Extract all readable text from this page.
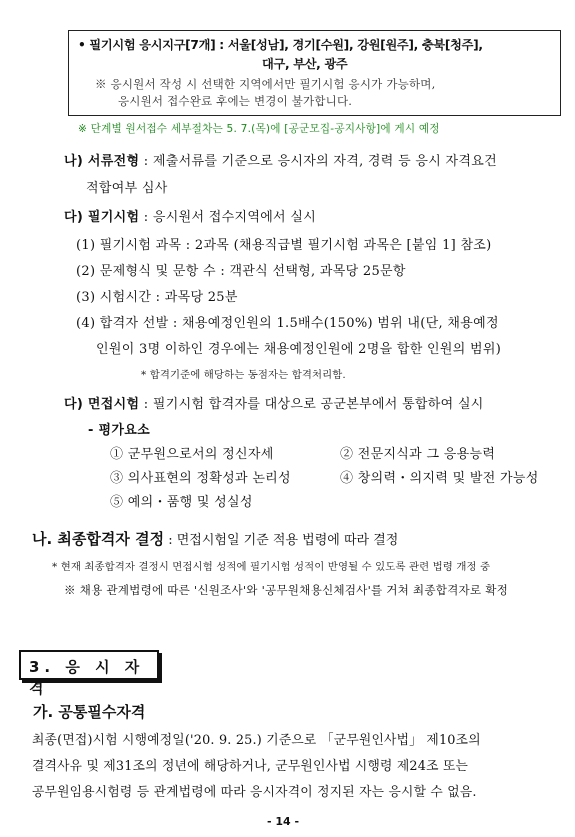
• 필기시험 응시지구[7개] : 서울[성남], 경기[수원], 강원[원주], 충북[청주],
대구, 부산, 광주
※ 응시원서 작성 시 선택한 지역에서만 필기시험 응시가 가능하며,
응시원서 접수완료 후에는 변경이 불가합니다.
※ 단계별 원서접수 세부절차는 5. 7.(목)에 [공군모집-공지사항]에 게시 예정
나) 서류전형 : 제출서류를 기준으로 응시자의 자격, 경력 등 응시 자격요건
적합여부 심사
다) 필기시험 : 응시원서 접수지역에서 실시
(1) 필기시험 과목 : 2과목 (채용직급별 필기시험 과목은 [붙임 1] 참조)
(2) 문제형식 및 문항 수 : 객관식 선택형, 과목당 25문항
(3) 시험시간 : 과목당 25분
(4) 합격자 선발 : 채용예정인원의 1.5배수(150%) 범위 내(단, 채용예정
인원이 3명 이하인 경우에는 채용예정인원에 2명을 합한 인원의 범위)
* 합격기준에 해당하는 동점자는 합격처리함.
다) 면접시험 : 필기시험 합격자를 대상으로 공군본부에서 통합하여 실시
- 평가요소
① 군무원으로서의 정신자세	② 전문지식과 그 응용능력
③ 의사표현의 정확성과 논리성	④ 창의력・의지력 및 발전 가능성
⑤ 예의・품행 및 성실성
나. 최종합격자 결정 : 면접시험일 기준 적용 법령에 따라 결정
* 현재 최종합격자 결정시 면접시험 성적에 필기시험 성적이 반영될 수 있도록 관련 법령 개정 중
※ 채용 관계법령에 따른 '신원조사'와 '공무원채용신체검사'를 거쳐 최종합격자로 확정
3. 응 시 자 격
가. 공통필수자격
최종(면접)시험 시행예정일('20. 9. 25.) 기준으로 「군무원인사법」 제10조의
결격사유 및 제31조의 정년에 해당하거나, 군무원인사법 시행령 제24조 또는
공무원임용시험령 등 관계법령에 따라 응시자격이 정지된 자는 응시할 수 없음.
- 14 -
